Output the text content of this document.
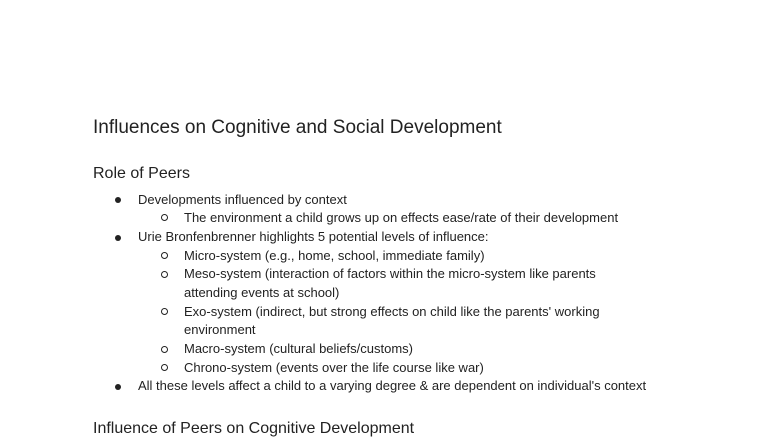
Influences on Cognitive and Social Development
Role of Peers
Developments influenced by context
The environment a child grows up on effects ease/rate of their development
Urie Bronfenbrenner highlights 5 potential levels of influence:
Micro-system (e.g., home, school, immediate family)
Meso-system (interaction of factors within the micro-system like parents
attending events at school)
Exo-system (indirect, but strong effects on child like the parents' working
environment
Macro-system (cultural beliefs/customs)
Chrono-system (events over the life course like war)
All these levels affect a child to a varying degree & are dependent on individual's context
Influence of Peers on Cognitive Development
